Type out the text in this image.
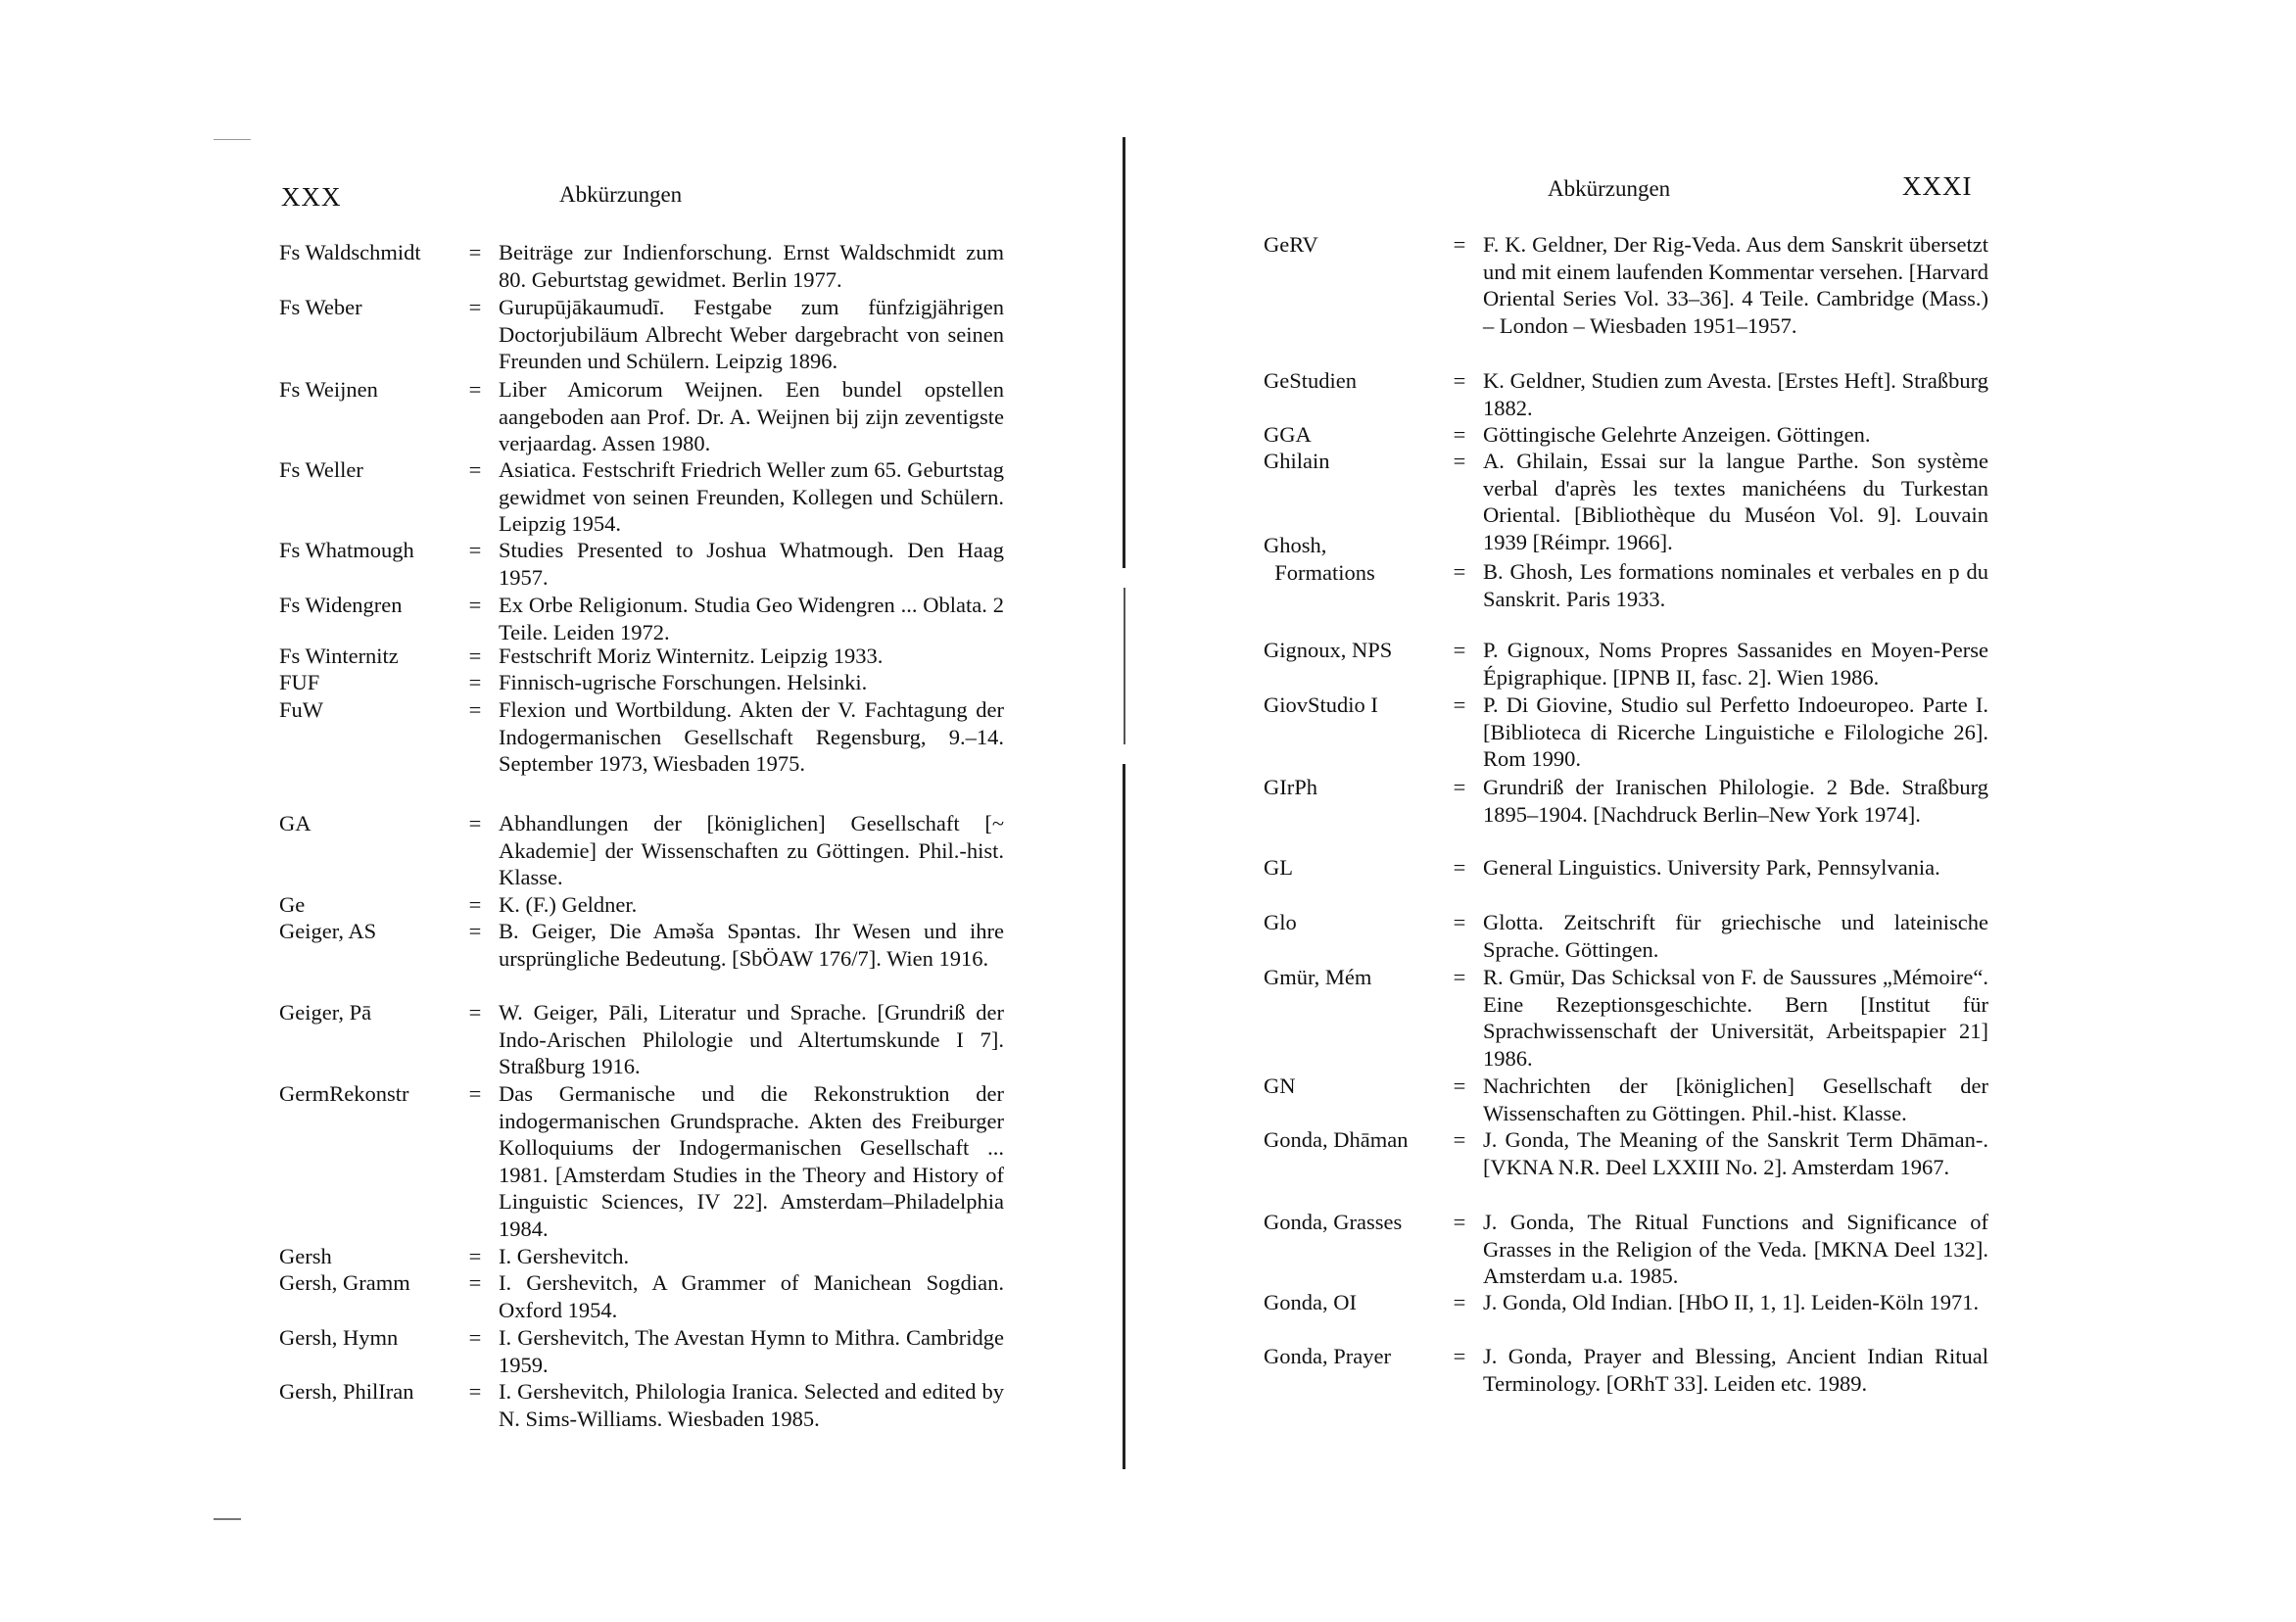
XXX	Abkürzungen
Fs Waldschmidt	= Beiträge zur Indienforschung. Ernst Waldschmidt zum 80. Geburtstag gewidmet. Berlin 1977.
Fs Weber	= Gurupūjākaumudī. Festgabe zum fünfzigjährigen Doctorjubiläum Albrecht Weber dargebracht von seinen Freunden und Schülern. Leipzig 1896.
Fs Weijnen	= Liber Amicorum Weijnen. Een bundel opstellen aangeboden aan Prof. Dr. A. Weijnen bij zijn zeventigste verjaardag. Assen 1980.
Fs Weller	= Asiatica. Festschrift Friedrich Weller zum 65. Geburtstag gewidmet von seinen Freunden, Kollegen und Schülern. Leipzig 1954.
Fs Whatmough	= Studies Presented to Joshua Whatmough. Den Haag 1957.
Fs Widengren	= Ex Orbe Religionum. Studia Geo Widengren ... Oblata. 2 Teile. Leiden 1972.
Fs Winternitz	= Festschrift Moriz Winternitz. Leipzig 1933.
FUF	= Finnisch-ugrische Forschungen. Helsinki.
FuW	= Flexion und Wortbildung. Akten der V. Fachtagung der Indogermanischen Gesellschaft Regensburg, 9.–14. September 1973, Wiesbaden 1975.
GA	= Abhandlungen der [königlichen] Gesellschaft [~ Akademie] der Wissenschaften zu Göttingen. Phil.-hist. Klasse.
Ge	= K. (F.) Geldner.
Geiger, AS	= B. Geiger, Die Aməša Spəntas. Ihr Wesen und ihre ursprüngliche Bedeutung. [SbÖAW 176/7]. Wien 1916.
Geiger, Pā	= W. Geiger, Pāli, Literatur und Sprache. [Grundriß der Indo-Arischen Philologie und Altertumskunde I 7]. Straßburg 1916.
GermRekonstr	= Das Germanische und die Rekonstruktion der indogermanischen Grundsprache. Akten des Freiburger Kolloquiums der Indogermanischen Gesellschaft ... 1981. [Amsterdam Studies in the Theory and History of Linguistic Sciences, IV 22]. Amsterdam–Philadelphia 1984.
Gersh	= I. Gershevitch.
Gersh, Gramm	= I. Gershevitch, A Grammer of Manichean Sogdian. Oxford 1954.
Gersh, Hymn	= I. Gershevitch, The Avestan Hymn to Mithra. Cambridge 1959.
Gersh, PhilIran	= I. Gershevitch, Philologia Iranica. Selected and edited by N. Sims-Williams. Wiesbaden 1985.
Abkürzungen	XXXI
GeRV	= F. K. Geldner, Der Rig-Veda. Aus dem Sanskrit übersetzt und mit einem laufenden Kommentar versehen. [Harvard Oriental Series Vol. 33–36]. 4 Teile. Cambridge (Mass.) – London – Wiesbaden 1951–1957.
GeStudien	= K. Geldner, Studien zum Avesta. [Erstes Heft]. Straßburg 1882.
GGA	= Göttingische Gelehrte Anzeigen. Göttingen.
Ghilain	= A. Ghilain, Essai sur la langue Parthe. Son système verbal d'après les textes manichéens du Turkestan Oriental. [Bibliothèque du Muséon Vol. 9]. Louvain 1939 [Réimpr. 1966].
Ghosh,
Formations	= B. Ghosh, Les formations nominales et verbales en p du Sanskrit. Paris 1933.
Gignoux, NPS	= P. Gignoux, Noms Propres Sassanides en Moyen-Perse Épigraphique. [IPNB II, fasc. 2]. Wien 1986.
GiovStudio I	= P. Di Giovine, Studio sul Perfetto Indoeuropeo. Parte I. [Biblioteca di Ricerche Linguistiche e Filologiche 26]. Rom 1990.
GIrPh	= Grundriß der Iranischen Philologie. 2 Bde. Straßburg 1895–1904. [Nachdruck Berlin–New York 1974].
GL	= General Linguistics. University Park, Pennsylvania.
Glo	= Glotta. Zeitschrift für griechische und lateinische Sprache. Göttingen.
Gmür, Mém	= R. Gmür, Das Schicksal von F. de Saussures „Mémoire“. Eine Rezeptionsgeschichte. Bern [Institut für Sprachwissenschaft der Universität, Arbeitspapier 21] 1986.
GN	= Nachrichten der [königlichen] Gesellschaft der Wissenschaften zu Göttingen. Phil.-hist. Klasse.
Gonda, Dhāman	= J. Gonda, The Meaning of the Sanskrit Term Dhāman-. [VKNA N.R. Deel LXXIII No. 2]. Amsterdam 1967.
Gonda, Grasses	= J. Gonda, The Ritual Functions and Significance of Grasses in the Religion of the Veda. [MKNA Deel 132]. Amsterdam u.a. 1985.
Gonda, OI	= J. Gonda, Old Indian. [HbO II, 1, 1]. Leiden-Köln 1971.
Gonda, Prayer	= J. Gonda, Prayer and Blessing, Ancient Indian Ritual Terminology. [ORhT 33]. Leiden etc. 1989.
